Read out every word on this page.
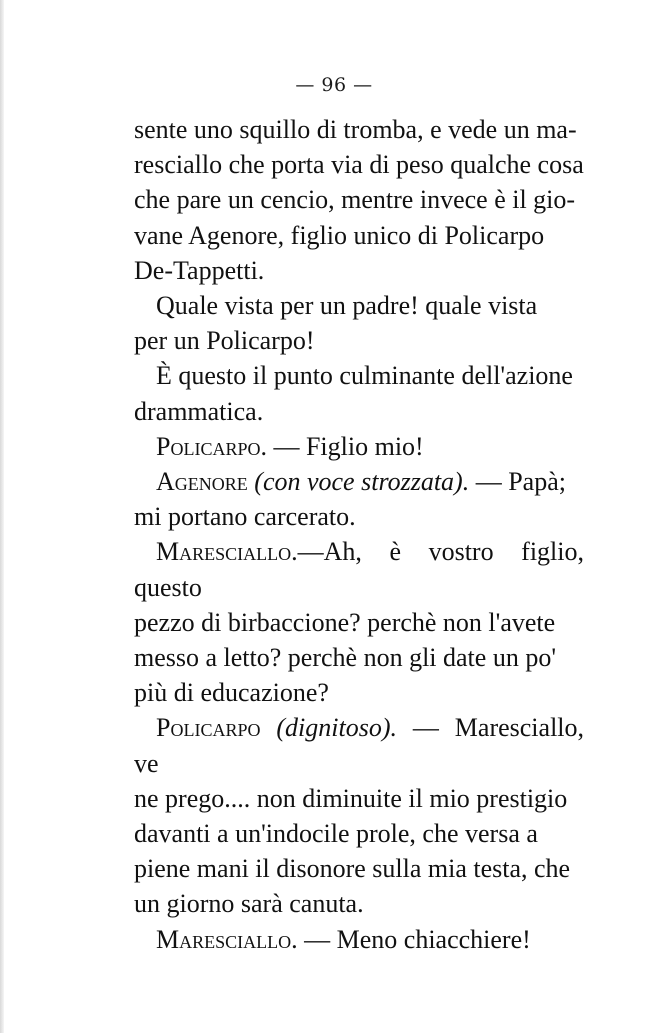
— 96 —

sente uno squillo di tromba, e vede un ma-
resciallo che porta via di peso qualche cosa
che pare un cencio, mentre invece è il gio-
vane Agenore, figlio unico di Policarpo
De-Tappetti.

Quale vista per un padre! quale vista
per un Policarpo!

È questo il punto culminante dell'azione
drammatica.

Policarpo. — Figlio mio!

Agenore (con voce strozzata). — Papà;
mi portano carcerato.

Maresciallo.—Ah, è vostro figlio, questo
pezzo di birbaccione? perchè non l'avete
messo a letto? perchè non gli date un po'
più di educazione?

Policarpo (dignitoso). — Maresciallo, ve
ne prego.... non diminuite il mio prestigio
davanti a un'indocile prole, che versa a
piene mani il disonore sulla mia testa, che
un giorno sarà canuta.

Maresciallo. — Meno chiacchiere!
